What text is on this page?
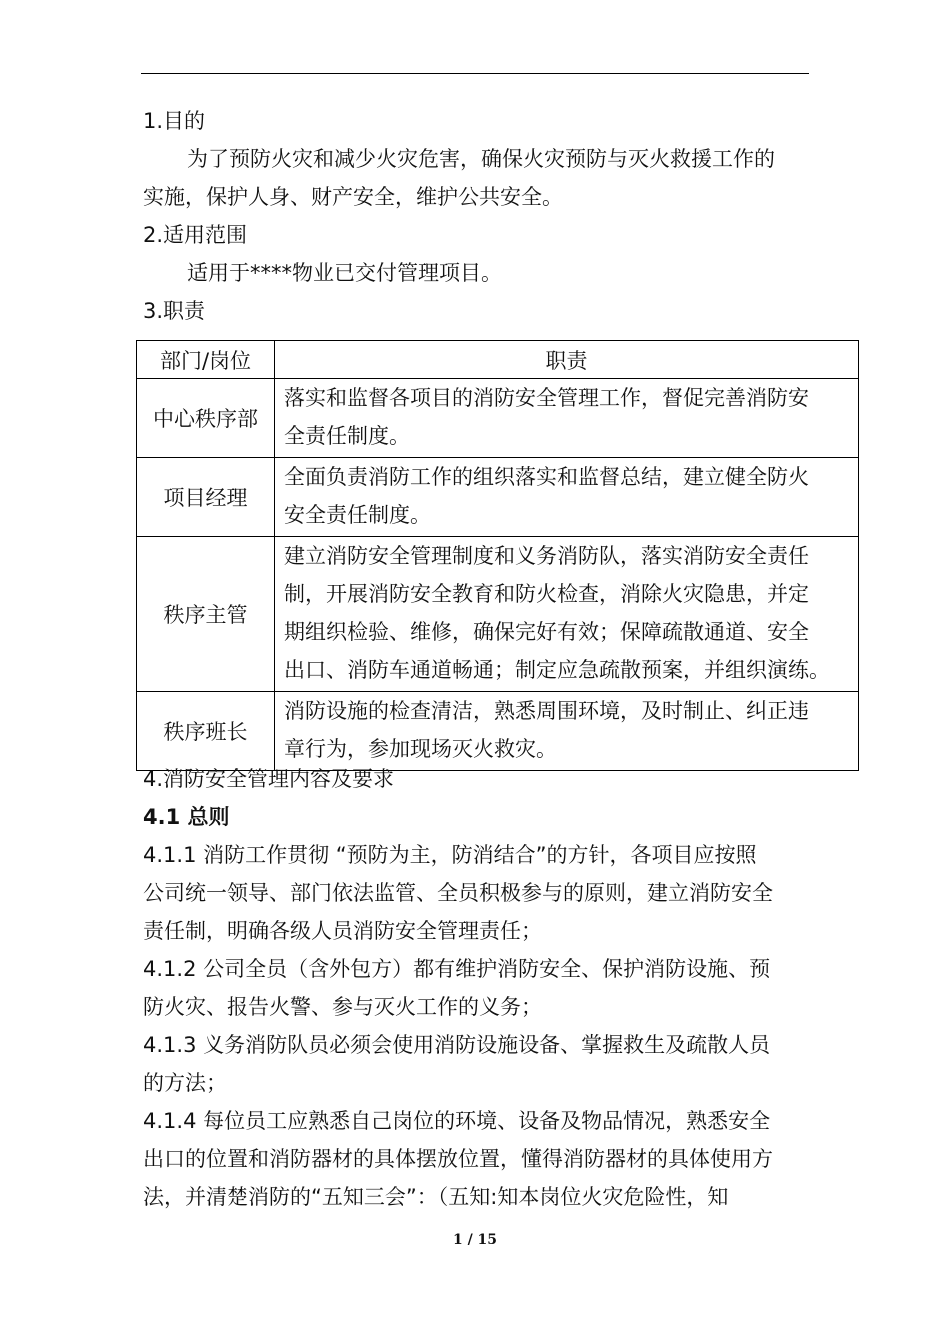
1.目的
为了预防火灾和减少火灾危害，确保火灾预防与灭火救援工作的
实施，保护人身、财产安全，维护公共安全。
2.适用范围
适用于****物业已交付管理项目。
3.职责
部门/岗位	职责
中心秩序部	落实和监督各项目的消防安全管理工作，督促完善消防安
全责任制度。

项目经理	全面负责消防工作的组织落实和监督总结，建立健全防火
安全责任制度。

秩序主管	建立消防安全管理制度和义务消防队，落实消防安全责任
制，开展消防安全教育和防火检查，消除火灾隐患，并定
期组织检验、维修，确保完好有效；保障疏散通道、安全
出口、消防车通道畅通；制定应急疏散预案，并组织演练。

秩序班长	消防设施的检查清洁，熟悉周围环境，及时制止、纠正违
章行为，参加现场灭火救灾。
4.消防安全管理内容及要求
4.1 总则
4.1.1 消防工作贯彻 “预防为主，防消结合”的方针，各项目应按照
公司统一领导、部门依法监管、全员积极参与的原则，建立消防安全
责任制，明确各级人员消防安全管理责任；
4.1.2 公司全员（含外包方）都有维护消防安全、保护消防设施、预
防火灾、报告火警、参与灭火工作的义务；
4.1.3 义务消防队员必须会使用消防设施设备、掌握救生及疏散人员
的方法；
4.1.4 每位员工应熟悉自己岗位的环境、设备及物品情况，熟悉安全
出口的位置和消防器材的具体摆放位置，懂得消防器材的具体使用方
法，并清楚消防的“五知三会”：（五知:知本岗位火灾危险性，知
1 / 15
